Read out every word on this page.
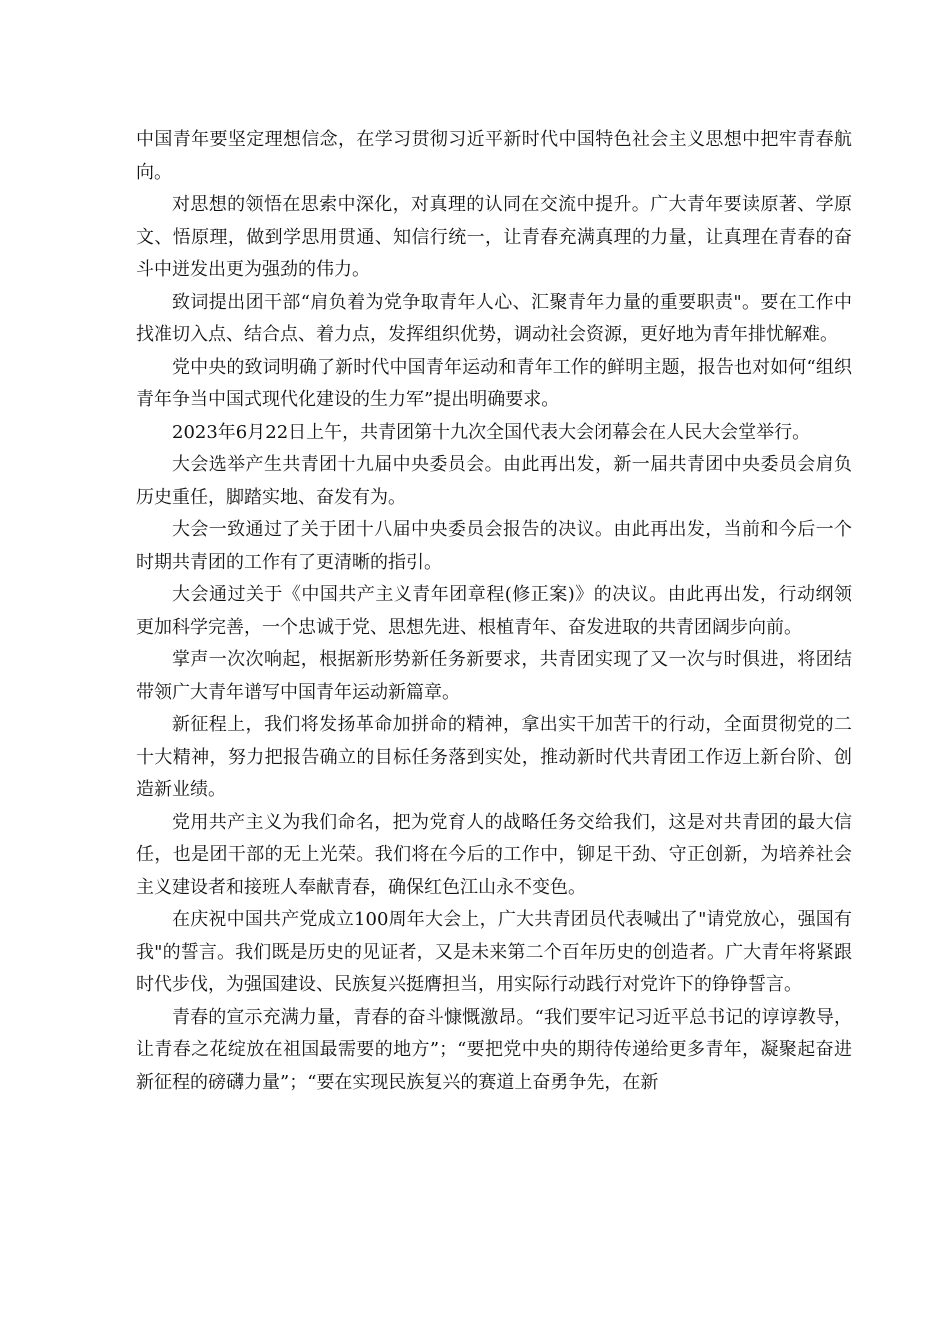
中国青年要坚定理想信念，在学习贯彻习近平新时代中国特色社会主义思想中把牢青春航向。

对思想的领悟在思索中深化，对真理的认同在交流中提升。广大青年要读原著、学原文、悟原理，做到学思用贯通、知信行统一，让青春充满真理的力量，让真理在青春的奋斗中迸发出更为强劲的伟力。

致词提出团干部“肩负着为党争取青年人心、汇聚青年力量的重要职责"。要在工作中找准切入点、结合点、着力点，发挥组织优势，调动社会资源，更好地为青年排忧解难。

党中央的致词明确了新时代中国青年运动和青年工作的鲜明主题，报告也对如何“组织青年争当中国式现代化建设的生力军”提出明确要求。

2023年6月22日上午，共青团第十九次全国代表大会闭幕会在人民大会堂举行。

大会选举产生共青团十九届中央委员会。由此再出发，新一届共青团中央委员会肩负历史重任，脚踏实地、奋发有为。

大会一致通过了关于团十八届中央委员会报告的决议。由此再出发，当前和今后一个时期共青团的工作有了更清晰的指引。

大会通过关于《中国共产主义青年团章程(修正案)》的决议。由此再出发，行动纲领更加科学完善，一个忠诚于党、思想先进、根植青年、奋发进取的共青团阔步向前。

掌声一次次响起，根据新形势新任务新要求，共青团实现了又一次与时俱进，将团结带领广大青年谱写中国青年运动新篇章。

新征程上，我们将发扬革命加拼命的精神，拿出实干加苦干的行动，全面贯彻党的二十大精神，努力把报告确立的目标任务落到实处，推动新时代共青团工作迈上新台阶、创造新业绩。

党用共产主义为我们命名，把为党育人的战略任务交给我们，这是对共青团的最大信任，也是团干部的无上光荣。我们将在今后的工作中，铆足干劲、守正创新，为培养社会主义建设者和接班人奉献青春，确保红色江山永不变色。

在庆祝中国共产党成立100周年大会上，广大共青团员代表喊出了"请党放心，强国有我"的誓言。我们既是历史的见证者，又是未来第二个百年历史的创造者。广大青年将紧跟时代步伐，为强国建设、民族复兴挺膺担当，用实际行动践行对党许下的铮铮誓言。

青春的宣示充满力量，青春的奋斗慷慨激昂。“我们要牢记习近平总书记的谆谆教导，让青春之花绽放在祖国最需要的地方”；“要把党中央的期待传递给更多青年，凝聚起奋进新征程的磅礴力量”；“要在实现民族复兴的赛道上奋勇争先，在新
